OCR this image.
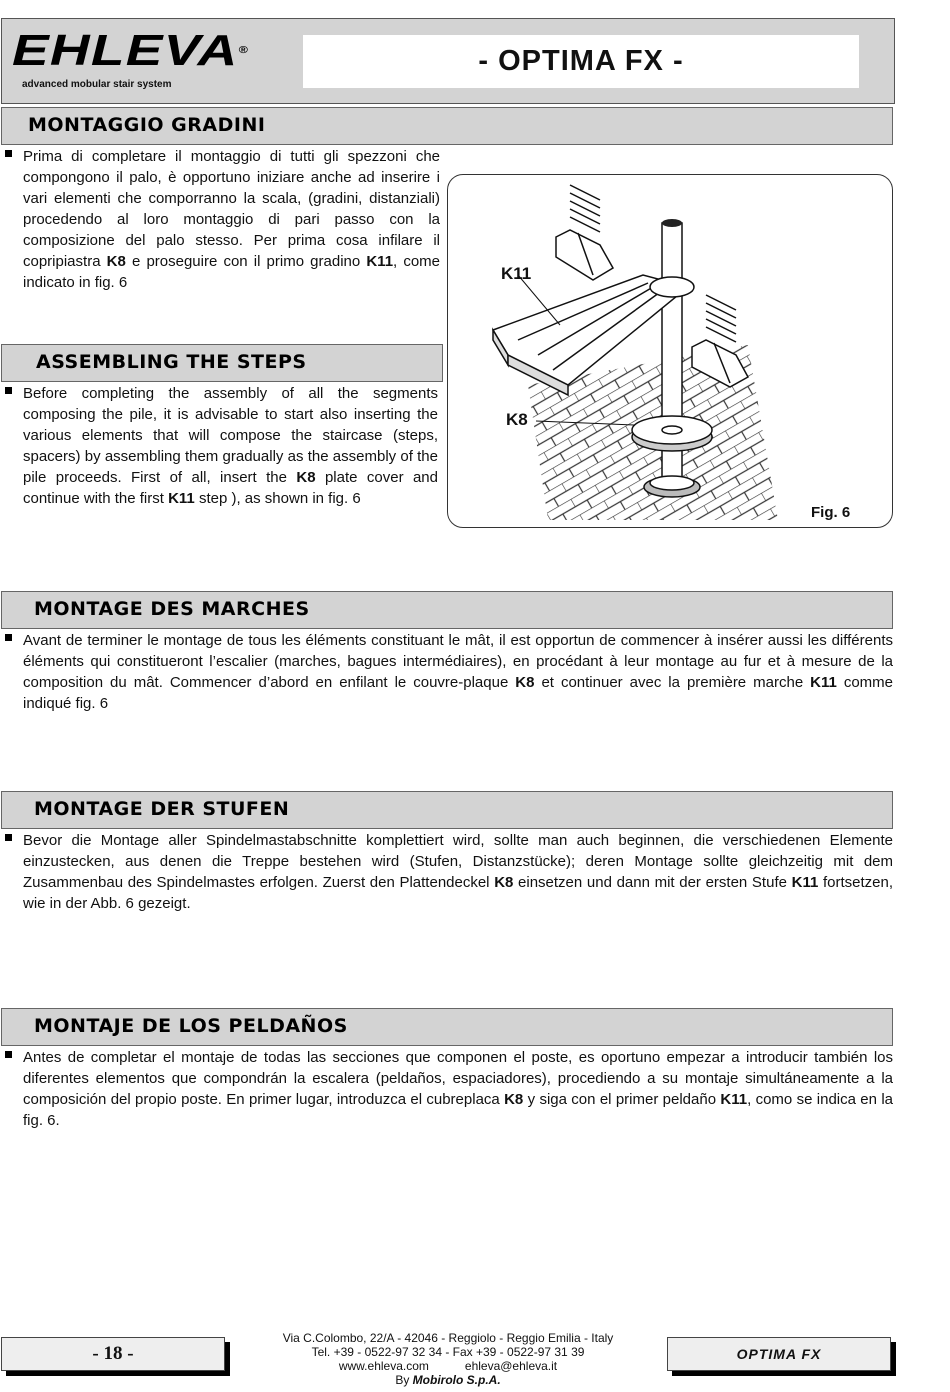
EHLEVA®
advanced mobular stair system
- OPTIMA FX -
MONTAGGIO GRADINI
Prima di completare il montaggio di tutti gli spezzoni che compongono il palo, è opportuno iniziare anche ad inserire i vari elementi che comporranno la scala, (gradini, distanziali) procedendo al loro montaggio di pari passo con la composizione del palo stesso. Per prima cosa infilare il copripiastra K8 e proseguire con il primo gradino K11, come indicato in fig. 6
ASSEMBLING THE STEPS
Before completing the assembly of all the segments composing the pile, it is advisable to start also inserting the various elements that will compose the staircase (steps, spacers) by assembling them gradually as the assembly of the pile proceeds. First of all, insert the K8 plate cover and continue with the first K11 step ), as shown in fig. 6
K11
K8
Fig. 6
MONTAGE DES MARCHES
Avant de terminer le montage de tous les éléments constituant le mât, il est opportun de commencer à insérer aussi les différents éléments qui constitueront l’escalier (marches, bagues intermédiaires), en procédant à leur montage au fur et à mesure de la composition du mât. Commencer d’abord en enfilant le couvre-plaque K8 et continuer avec la première marche K11 comme indiqué fig. 6
MONTAGE DER STUFEN
Bevor die Montage aller Spindelmastabschnitte komplettiert wird, sollte man auch beginnen, die verschiedenen Elemente einzustecken, aus denen die Treppe bestehen wird (Stufen, Distanzstücke); deren Montage sollte gleichzeitig mit dem Zusammenbau des Spindelmastes erfolgen. Zuerst den Plattendeckel K8 einsetzen und dann mit der ersten Stufe K11 fortsetzen, wie in der Abb. 6 gezeigt.
MONTAJE DE LOS PELDAÑOS
Antes de completar el montaje de todas las secciones que componen el poste, es oportuno empezar a introducir también los diferentes elementos que compondrán la escalera (peldaños, espaciadores), procediendo a su montaje simultáneamente a la composición del propio poste. En primer lugar, introduzca el cubreplaca K8 y siga con el primer peldaño K11, como se indica en la fig. 6.
- 18 -
Via C.Colombo, 22/A - 42046 - Reggiolo - Reggio Emilia - Italy
Tel. +39 - 0522-97 32 34 - Fax +39 - 0522-97 31 39
www.ehleva.com	ehleva@ehleva.it
By Mobirolo S.p.A.
OPTIMA FX
